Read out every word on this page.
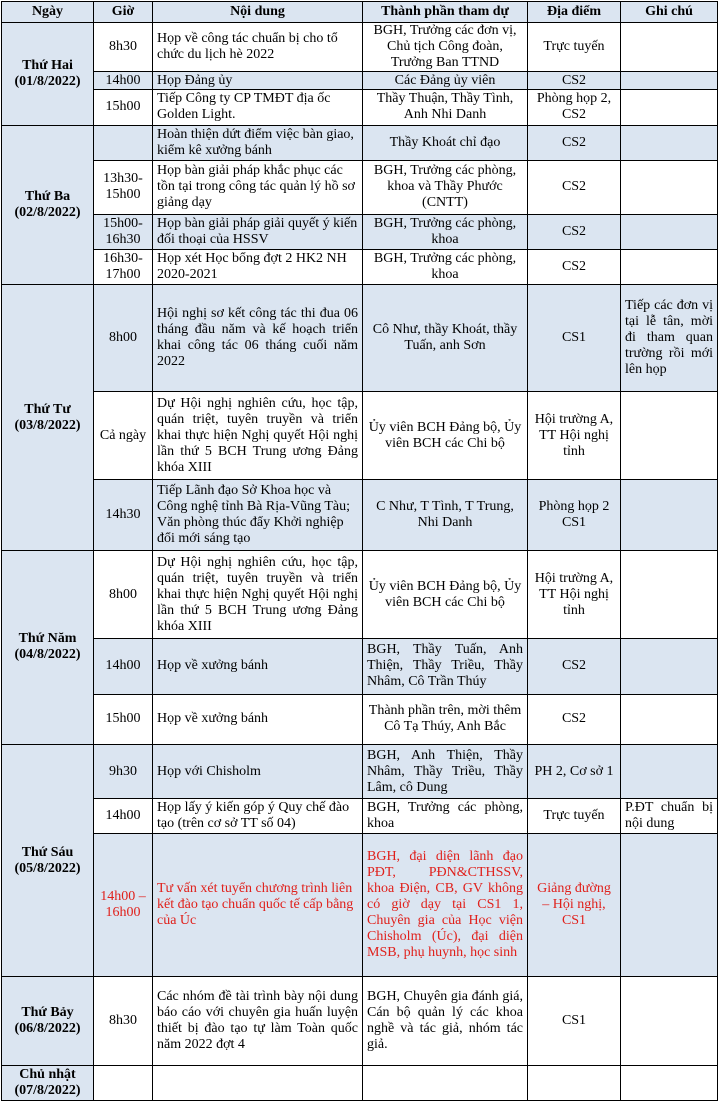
Ngày	Giờ	Nội dung	Thành phần tham dự	Địa điểm	Ghi chú
Thứ Hai
(01/8/2022)	8h30	Họp về công tác chuẩn bị cho tổ chức du lịch hè 2022	BGH, Trưởng các đơn vị, Chủ tịch Công đoàn, Trưởng Ban TTND	Trực tuyến	
	14h00	Họp Đảng ủy	Các Đảng ủy viên	CS2	
	15h00	Tiếp Công ty CP TMĐT địa ốc Golden Light.	Thầy Thuận, Thầy Tình, Anh Nhi Danh	Phòng họp 2, CS2	
Thứ Ba
(02/8/2022)		Hoàn thiện dứt điểm việc bàn giao, kiểm kê xưởng bánh	Thầy Khoát chỉ đạo	CS2	
	13h30-15h00	Họp bàn giải pháp khắc phục các tồn tại trong công tác quản lý hồ sơ giảng dạy	BGH, Trưởng các phòng, khoa và Thầy Phước (CNTT)	CS2	
	15h00-16h30	Họp bàn giải pháp giải quyết ý kiến đối thoại của HSSV	BGH, Trưởng các phòng, khoa	CS2	
	16h30-17h00	Họp xét Học bổng đợt 2 HK2 NH 2020-2021	BGH, Trưởng các phòng, khoa	CS2	
Thứ Tư
(03/8/2022)	8h00	Hội nghị sơ kết công tác thi đua 06 tháng đầu năm và kế hoạch triển khai công tác 06 tháng cuối năm 2022	Cô Như, thầy Khoát, thầy Tuấn, anh Sơn	CS1	Tiếp các đơn vị tại lễ tân, mời đi tham quan trường rồi mới lên họp
	Cả ngày	Dự Hội nghị nghiên cứu, học tập, quán triệt, tuyên truyền và triển khai thực hiện Nghị quyết Hội nghị lần thứ 5 BCH Trung ương Đảng khóa XIII	Ủy viên BCH Đảng bộ, Ủy viên BCH các Chi bộ	Hội trường A, TT Hội nghị tỉnh	
	14h30	Tiếp Lãnh đạo Sở Khoa học và Công nghệ tỉnh Bà Rịa-Vũng Tàu; Văn phòng thúc đẩy Khởi nghiệp đổi mới sáng tạo	C Như, T Tình, T Trung, Nhi Danh	Phòng họp 2 CS1	
Thứ Năm
(04/8/2022)	8h00	Dự Hội nghị nghiên cứu, học tập, quán triệt, tuyên truyền và triển khai thực hiện Nghị quyết Hội nghị lần thứ 5 BCH Trung ương Đảng khóa XIII	Ủy viên BCH Đảng bộ, Ủy viên BCH các Chi bộ	Hội trường A, TT Hội nghị tỉnh	
	14h00	Họp về xưởng bánh	BGH, Thầy Tuấn, Anh Thiện, Thầy Triều, Thầy Nhâm, Cô Trần Thúy	CS2	
	15h00	Họp về xưởng bánh	Thành phần trên, mời thêm Cô Tạ Thúy, Anh Bắc	CS2	
Thứ Sáu
(05/8/2022)	9h30	Họp với Chisholm	BGH, Anh Thiện, Thầy Nhâm, Thầy Triều, Thầy Lâm, cô Dung	PH 2, Cơ sở 1	
	14h00	Họp lấy ý kiến góp ý Quy chế đào tạo (trên cơ sở TT số 04)	BGH, Trưởng các phòng, khoa	Trực tuyến	P.ĐT chuẩn bị nội dung
	14h00 – 16h00	Tư vấn xét tuyển chương trình liên kết đào tạo chuẩn quốc tế cấp bằng của Úc	BGH, đại diện lãnh đạo PĐT, PĐN&CTHSSV, khoa Điện, CB, GV không có giờ dạy tại CS1 1, Chuyên gia của Học viện Chisholm (Úc), đại diện MSB, phụ huynh, học sinh	Giảng đường – Hội nghị, CS1	
Thứ Bảy
(06/8/2022)	8h30	Các nhóm đề tài trình bày nội dung báo cáo với chuyên gia huấn luyện thiết bị đào tạo tự làm Toàn quốc năm 2022 đợt 4	BGH, Chuyên gia đánh giá, Cán bộ quản lý các khoa nghề và tác giả, nhóm tác giả.	CS1	
Chủ nhật
(07/8/2022)					
